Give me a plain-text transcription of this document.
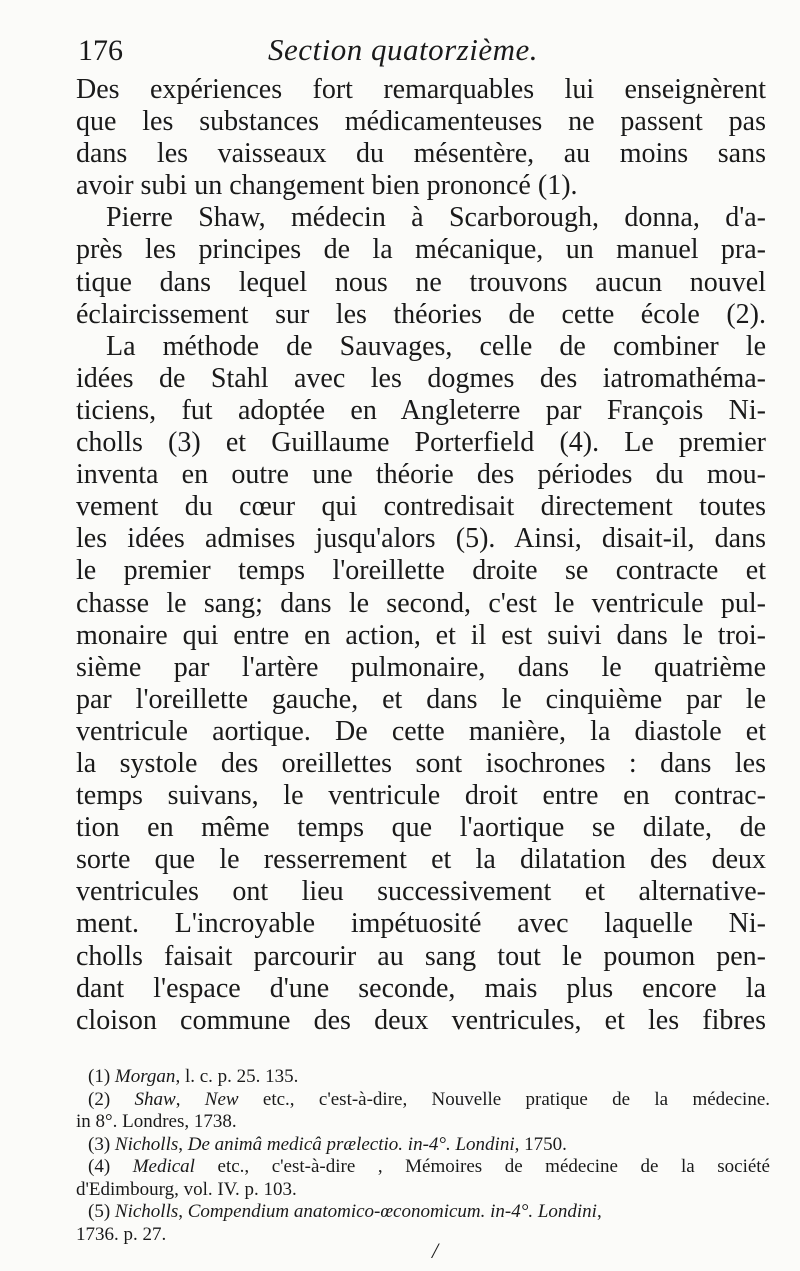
176	Section quatorzième.
Des expériences fort remarquables lui enseignèrent
que les substances médicamenteuses ne passent pas
dans les vaisseaux du mésentère, au moins sans
avoir subi un changement bien prononcé (1).
Pierre Shaw, médecin à Scarborough, donna, d'a-
près les principes de la mécanique, un manuel pra-
tique dans lequel nous ne trouvons aucun nouvel
éclaircissement sur les théories de cette école (2).
La méthode de Sauvages, celle de combiner le
idées de Stahl avec les dogmes des iatromathéma-
ticiens, fut adoptée en Angleterre par François Ni-
cholls (3) et Guillaume Porterfield (4). Le premier
inventa en outre une théorie des périodes du mou-
vement du cœur qui contredisait directement toutes
les idées admises jusqu'alors (5). Ainsi, disait-il, dans
le premier temps l'oreillette droite se contracte et
chasse le sang; dans le second, c'est le ventricule pul-
monaire qui entre en action, et il est suivi dans le troi-
sième par l'artère pulmonaire, dans le quatrième
par l'oreillette gauche, et dans le cinquième par le
ventricule aortique. De cette manière, la diastole et
la systole des oreillettes sont isochrones : dans les
temps suivans, le ventricule droit entre en contrac-
tion en même temps que l'aortique se dilate, de
sorte que le resserrement et la dilatation des deux
ventricules ont lieu successivement et alternative-
ment. L'incroyable impétuosité avec laquelle Ni-
cholls faisait parcourir au sang tout le poumon pen-
dant l'espace d'une seconde, mais plus encore la
cloison commune des deux ventricules, et les fibres
(1) Morgan, l. c. p. 25. 135.
(2) Shaw, New etc., c'est-à-dire, Nouvelle pratique de la médecine.
in 8°. Londres, 1738.
(3) Nicholls, De animâ medicâ prælectio. in-4°. Londini, 1750.
(4) Medical etc., c'est-à-dire , Mémoires de médecine de la société
d'Edimbourg, vol. IV. p. 103.
(5) Nicholls, Compendium anatomico-œconomicum. in-4°. Londini,
1736. p. 27.
/
